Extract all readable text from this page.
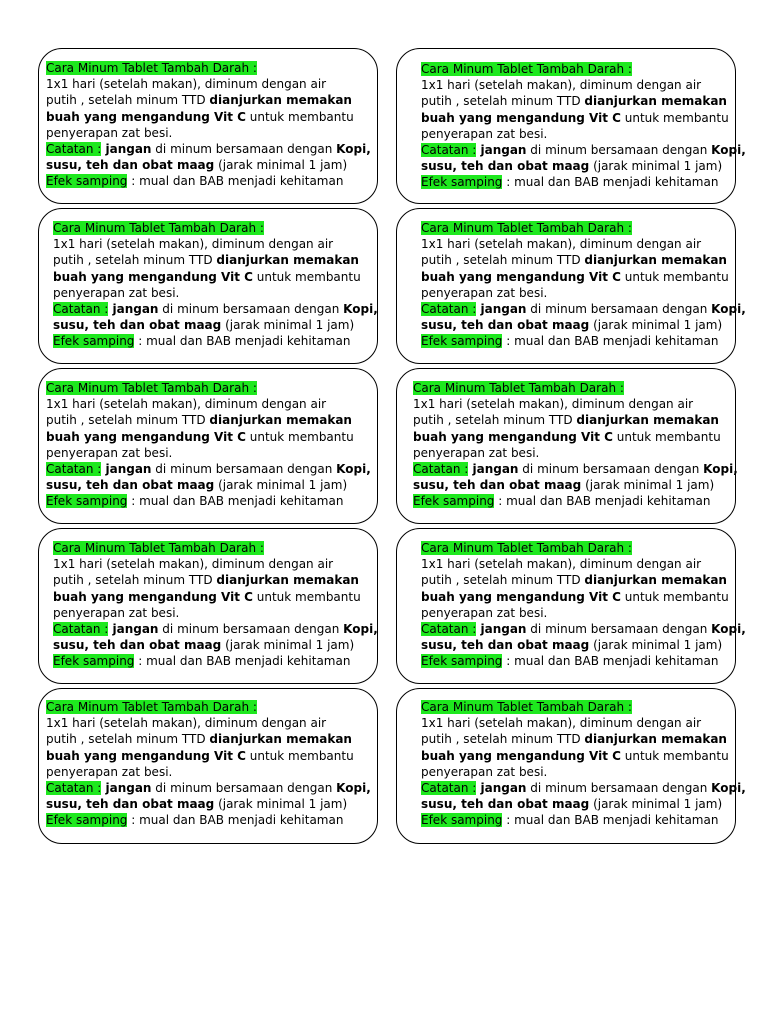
Cara Minum Tablet Tambah Darah :
1x1 hari (setelah makan), diminum dengan air
putih , setelah minum TTD dianjurkan memakan
buah yang mengandung Vit C untuk membantu
penyerapan zat besi.
Catatan : jangan di minum bersamaan dengan Kopi,
susu, teh dan obat maag (jarak minimal 1 jam)
Efek samping : mual dan BAB menjadi kehitaman
Cara Minum Tablet Tambah Darah :
1x1 hari (setelah makan), diminum dengan air
putih , setelah minum TTD dianjurkan memakan
buah yang mengandung Vit C untuk membantu
penyerapan zat besi.
Catatan : jangan di minum bersamaan dengan Kopi,
susu, teh dan obat maag (jarak minimal 1 jam)
Efek samping : mual dan BAB menjadi kehitaman
Cara Minum Tablet Tambah Darah :
1x1 hari (setelah makan), diminum dengan air
putih , setelah minum TTD dianjurkan memakan
buah yang mengandung Vit C untuk membantu
penyerapan zat besi.
Catatan : jangan di minum bersamaan dengan Kopi,
susu, teh dan obat maag (jarak minimal 1 jam)
Efek samping : mual dan BAB menjadi kehitaman
Cara Minum Tablet Tambah Darah :
1x1 hari (setelah makan), diminum dengan air
putih , setelah minum TTD dianjurkan memakan
buah yang mengandung Vit C untuk membantu
penyerapan zat besi.
Catatan : jangan di minum bersamaan dengan Kopi,
susu, teh dan obat maag (jarak minimal 1 jam)
Efek samping : mual dan BAB menjadi kehitaman
Cara Minum Tablet Tambah Darah :
1x1 hari (setelah makan), diminum dengan air
putih , setelah minum TTD dianjurkan memakan
buah yang mengandung Vit C untuk membantu
penyerapan zat besi.
Catatan : jangan di minum bersamaan dengan Kopi,
susu, teh dan obat maag (jarak minimal 1 jam)
Efek samping : mual dan BAB menjadi kehitaman
Cara Minum Tablet Tambah Darah :
1x1 hari (setelah makan), diminum dengan air
putih , setelah minum TTD dianjurkan memakan
buah yang mengandung Vit C untuk membantu
penyerapan zat besi.
Catatan : jangan di minum bersamaan dengan Kopi,
susu, teh dan obat maag (jarak minimal 1 jam)
Efek samping : mual dan BAB menjadi kehitaman
Cara Minum Tablet Tambah Darah :
1x1 hari (setelah makan), diminum dengan air
putih , setelah minum TTD dianjurkan memakan
buah yang mengandung Vit C untuk membantu
penyerapan zat besi.
Catatan : jangan di minum bersamaan dengan Kopi,
susu, teh dan obat maag (jarak minimal 1 jam)
Efek samping : mual dan BAB menjadi kehitaman
Cara Minum Tablet Tambah Darah :
1x1 hari (setelah makan), diminum dengan air
putih , setelah minum TTD dianjurkan memakan
buah yang mengandung Vit C untuk membantu
penyerapan zat besi.
Catatan : jangan di minum bersamaan dengan Kopi,
susu, teh dan obat maag (jarak minimal 1 jam)
Efek samping : mual dan BAB menjadi kehitaman
Cara Minum Tablet Tambah Darah :
1x1 hari (setelah makan), diminum dengan air
putih , setelah minum TTD dianjurkan memakan
buah yang mengandung Vit C untuk membantu
penyerapan zat besi.
Catatan : jangan di minum bersamaan dengan Kopi,
susu, teh dan obat maag (jarak minimal 1 jam)
Efek samping : mual dan BAB menjadi kehitaman
Cara Minum Tablet Tambah Darah :
1x1 hari (setelah makan), diminum dengan air
putih , setelah minum TTD dianjurkan memakan
buah yang mengandung Vit C untuk membantu
penyerapan zat besi.
Catatan : jangan di minum bersamaan dengan Kopi,
susu, teh dan obat maag (jarak minimal 1 jam)
Efek samping : mual dan BAB menjadi kehitaman
